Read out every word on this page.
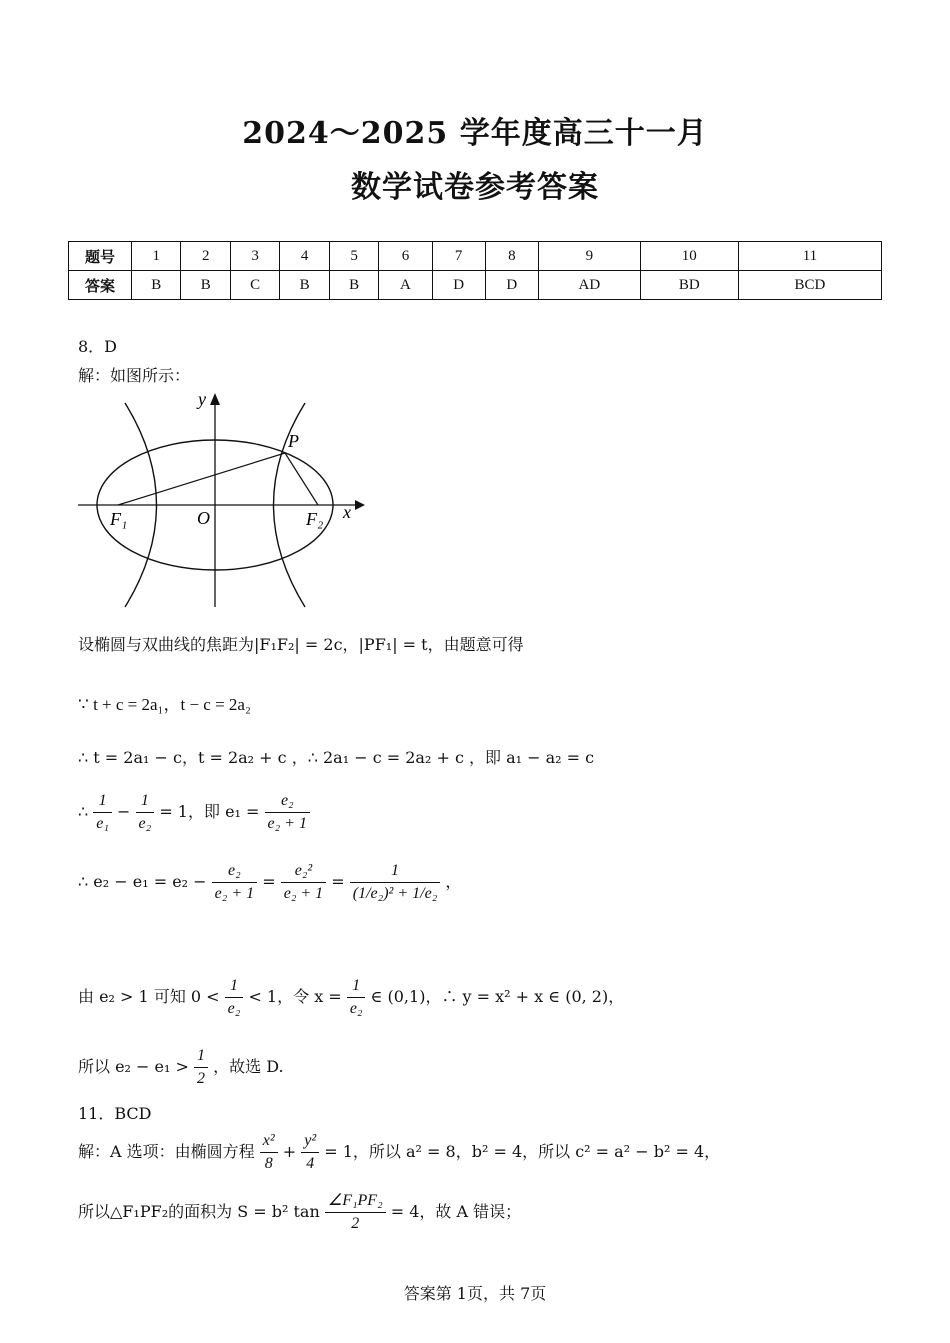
2024～2025 学年度高三十一月
数学试卷参考答案
题号	1	2	3	4	5	6	7	8	9	10	11
答案	B	B	C	B	B	A	D	D	AD	BD	BCD
8．D
解：如图所示：
y
x
P
O
F₁	F₂
设椭圆与双曲线的焦距为|F₁F₂| = 2c，|PF₁| = t，由题意可得
∵ t + c = 2a₁，t − c = 2a₂
∴ t = 2a₁ − c，t = 2a₂ + c ，∴ 2a₁ − c = 2a₂ + c ，即 a₁ − a₂ = c
∴ $\frac{1}{\text{e₁}} - \frac{1}{\text{e₂}} = 1$，即 $e_1 = \frac{\text{e₂}}{\text{e₂ + 1}}$
∴ $e_2 - e_1 = e_2 - \frac{\text{e₂}}{\text{e₂ + 1}} = \frac{\text{e₂²}}{\text{e₂ + 1}} = \frac{1}{\text{(1/e₂)² + 1/e₂}}$ ，
由 e₂ > 1 可知 $0 < \frac{1}{\text{e₂}} < 1$，令 $x = \frac{1}{\text{e₂}}$ ∈ (0,1)，∴ y = x² + x ∈ (0, 2)，
所以 $e_2 - e_1 > \frac{1}{2}$ ，故选 D.
11．BCD
解：A 选项：由椭圆方程 $\frac{\text{x²}}{8} + \frac{\text{y²}}{4} = 1$，所以 a² = 8，b² = 4，所以 c² = a² − b² = 4，
所以△F₁PF₂的面积为 S = b² $\tan \frac{\text{∠F₁PF₂}}{2} = 4$，故 A 错误；
答案第 1页，共 7页
